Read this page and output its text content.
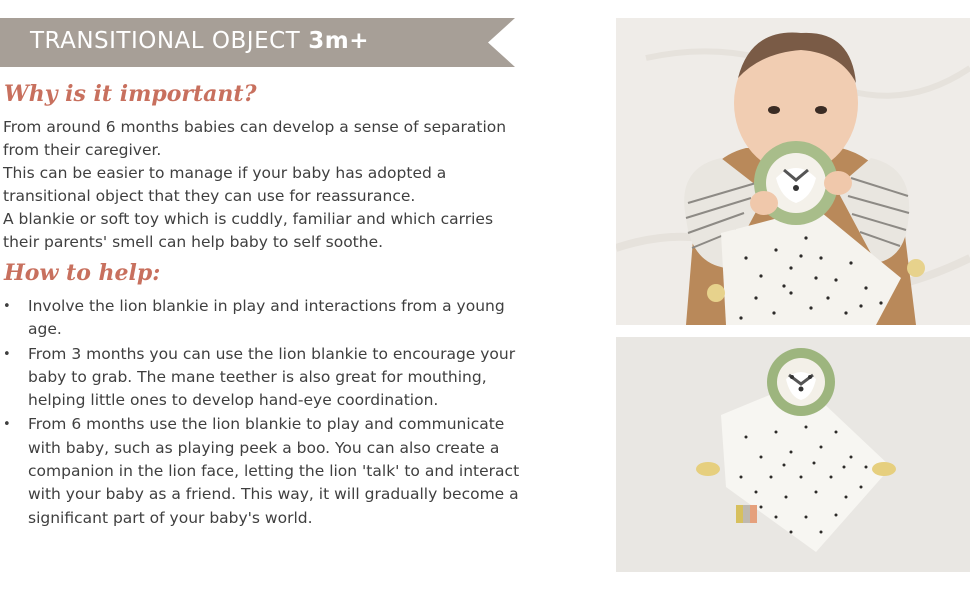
TRANSITIONAL OBJECT 3m+
Why is it important?

From around 6 months babies can develop a sense of separation from their caregiver.

This can be easier to manage if your baby has adopted a transitional object that they can use for reassurance.

A blankie or soft toy which is cuddly, familiar and which carries their parents' smell can help baby to self soothe.

How to help:
• Involve the lion blankie in play and interactions from a young age.
• From 3 months you can use the lion blankie to encourage your baby to grab. The mane teether is also great for mouthing, helping little ones to develop hand-eye coordination.
• From 6 months use the lion blankie to play and communicate with baby, such as playing peek a boo. You can also create a companion in the lion face, letting the lion 'talk' to and interact with your baby as a friend. This way, it will gradually become a significant part of your baby's world.
